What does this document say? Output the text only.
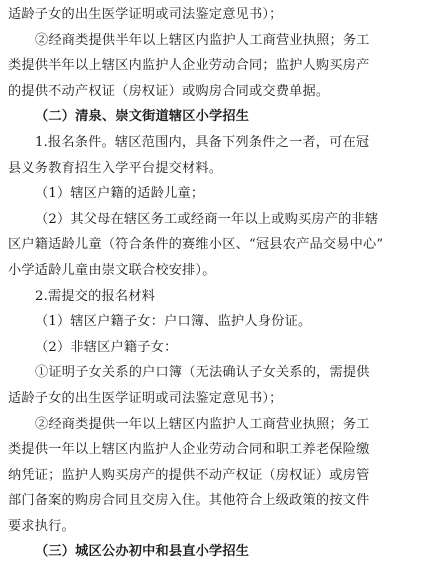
适龄子女的出生医学证明或司法鉴定意见书）；
②经商类提供半年以上辖区内监护人工商营业执照；务工
类提供半年以上辖区内监护人企业劳动合同；监护人购买房产
的提供不动产权证（房权证）或购房合同或交费单据。
（二）清泉、崇文街道辖区小学招生
1.报名条件。辖区范围内，具备下列条件之一者，可在冠
县义务教育招生入学平台提交材料。
（1）辖区户籍的适龄儿童；
（2）其父母在辖区务工或经商一年以上或购买房产的非辖
区户籍适龄儿童（符合条件的赛维小区、“冠县农产品交易中心”
小学适龄儿童由崇文联合校安排）。
2.需提交的报名材料
（1）辖区户籍子女：户口簿、监护人身份证。
（2）非辖区户籍子女：
①证明子女关系的户口簿（无法确认子女关系的，需提供
适龄子女的出生医学证明或司法鉴定意见书）；
②经商类提供一年以上辖区内监护人工商营业执照；务工
类提供一年以上辖区内监护人企业劳动合同和职工养老保险缴
纳凭证；监护人购买房产的提供不动产权证（房权证）或房管
部门备案的购房合同且交房入住。其他符合上级政策的按文件
要求执行。
（三）城区公办初中和县直小学招生
